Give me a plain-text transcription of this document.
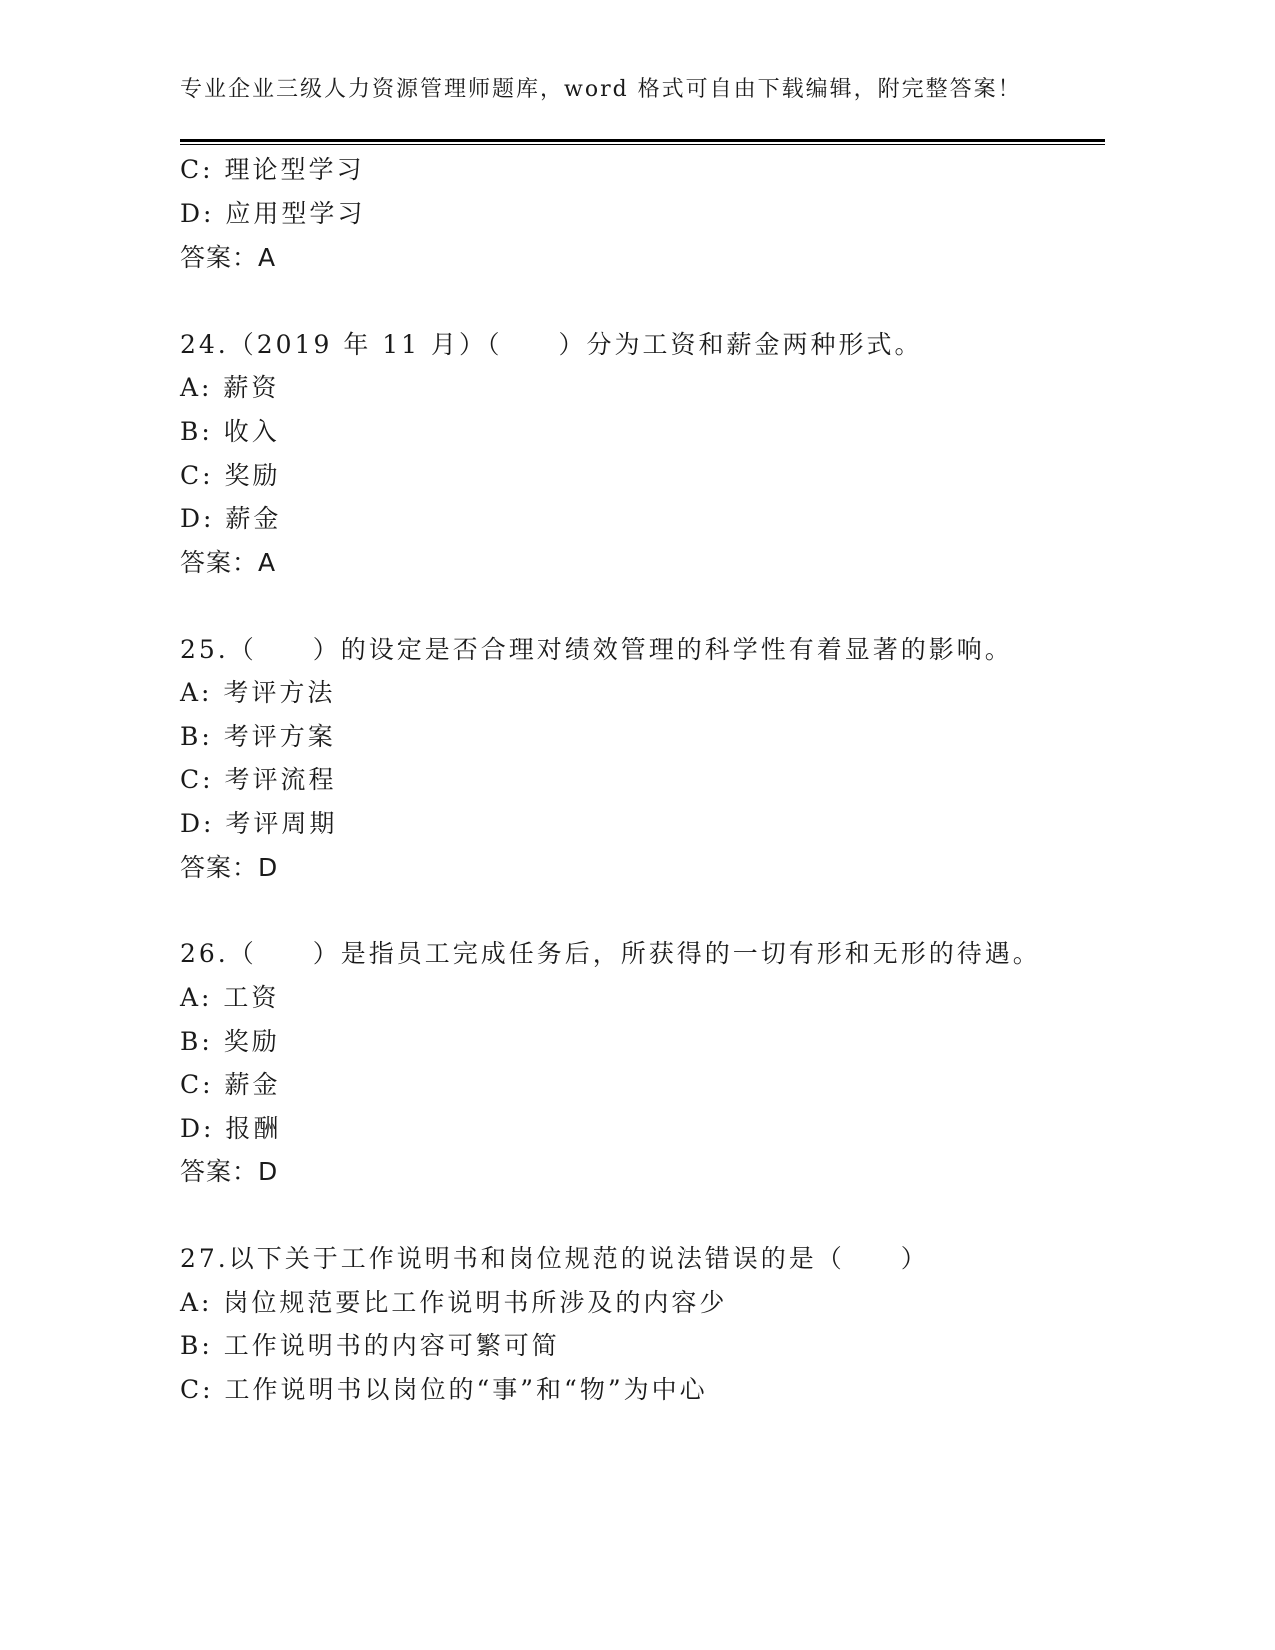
专业企业三级人力资源管理师题库，word 格式可自由下载编辑，附完整答案！
C: 理论型学习
D: 应用型学习
答案：A
24.（2019 年 11 月）（　　）分为工资和薪金两种形式。
A: 薪资
B: 收入
C: 奖励
D: 薪金
答案：A
25.（　　）的设定是否合理对绩效管理的科学性有着显著的影响。
A: 考评方法
B: 考评方案
C: 考评流程
D: 考评周期
答案：D
26.（　　）是指员工完成任务后，所获得的一切有形和无形的待遇。
A: 工资
B: 奖励
C: 薪金
D: 报酬
答案：D
27.以下关于工作说明书和岗位规范的说法错误的是（　　）
A: 岗位规范要比工作说明书所涉及的内容少
B: 工作说明书的内容可繁可简
C: 工作说明书以岗位的“事”和“物”为中心
